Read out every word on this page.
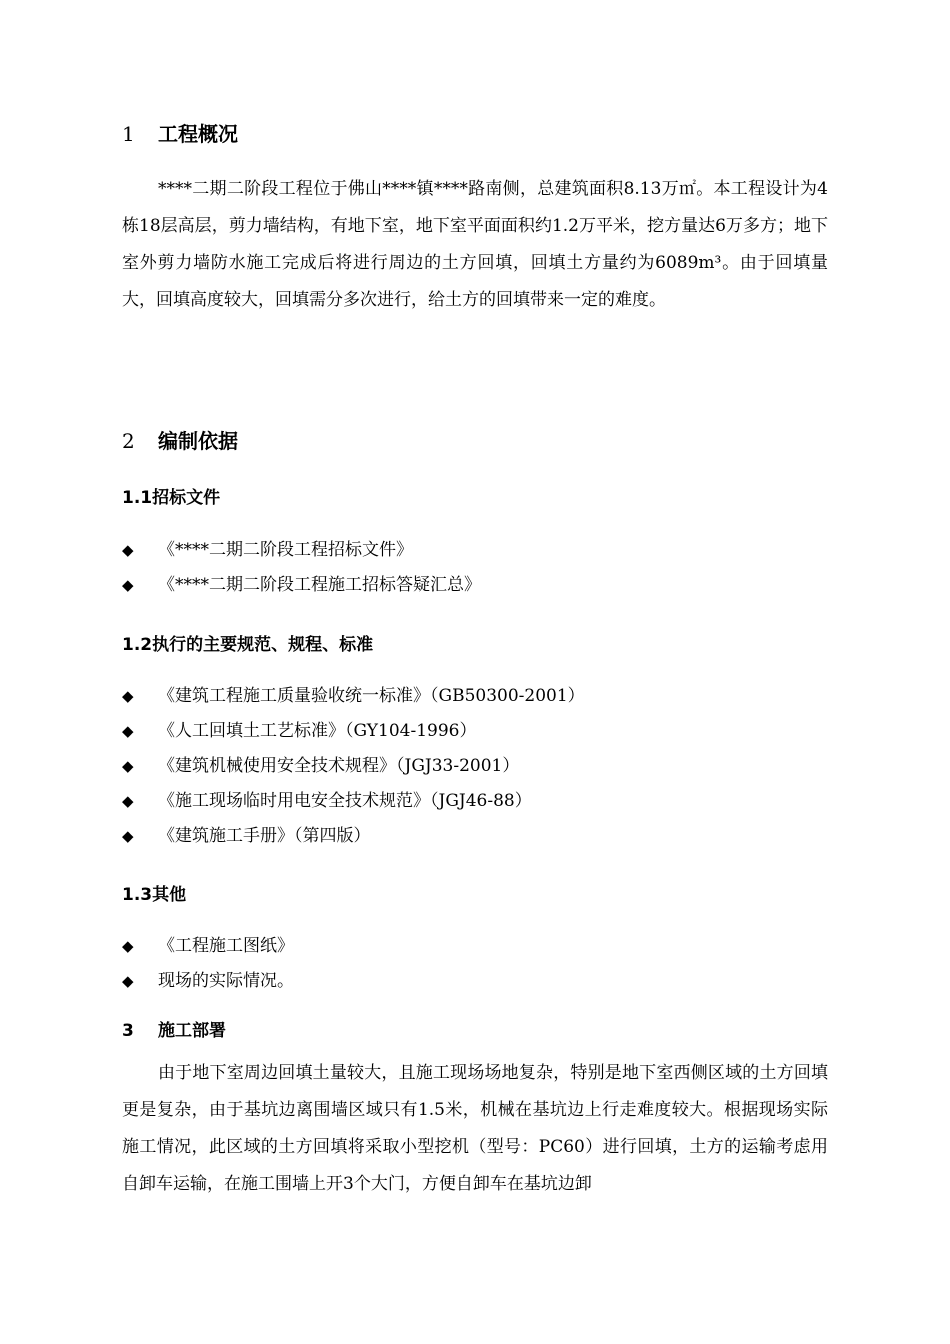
1 工程概况
****二期二阶段工程位于佛山****镇****路南侧，总建筑面积8.13万㎡。本工程设计为4栋18层高层，剪力墙结构，有地下室，地下室平面面积约1.2万平米，挖方量达6万多方；地下室外剪力墙防水施工完成后将进行周边的土方回填，回填土方量约为6089m³。由于回填量大，回填高度较大，回填需分多次进行，给土方的回填带来一定的难度。
2 编制依据
1.1招标文件
◆ 《****二期二阶段工程招标文件》
◆ 《****二期二阶段工程施工招标答疑汇总》
1.2执行的主要规范、规程、标准
◆ 《建筑工程施工质量验收统一标准》（GB50300-2001）
◆ 《人工回填土工艺标准》（GY104-1996）
◆ 《建筑机械使用安全技术规程》（JGJ33-2001）
◆ 《施工现场临时用电安全技术规范》（JGJ46-88）
◆ 《建筑施工手册》（第四版）
1.3其他
◆ 《工程施工图纸》
◆ 现场的实际情况。
3 施工部署
由于地下室周边回填土量较大，且施工现场场地复杂，特别是地下室西侧区域的土方回填更是复杂，由于基坑边离围墙区域只有1.5米，机械在基坑边上行走难度较大。根据现场实际施工情况，此区域的土方回填将采取小型挖机（型号：PC60）进行回填，土方的运输考虑用自卸车运输，在施工围墙上开3个大门，方便自卸车在基坑边卸
